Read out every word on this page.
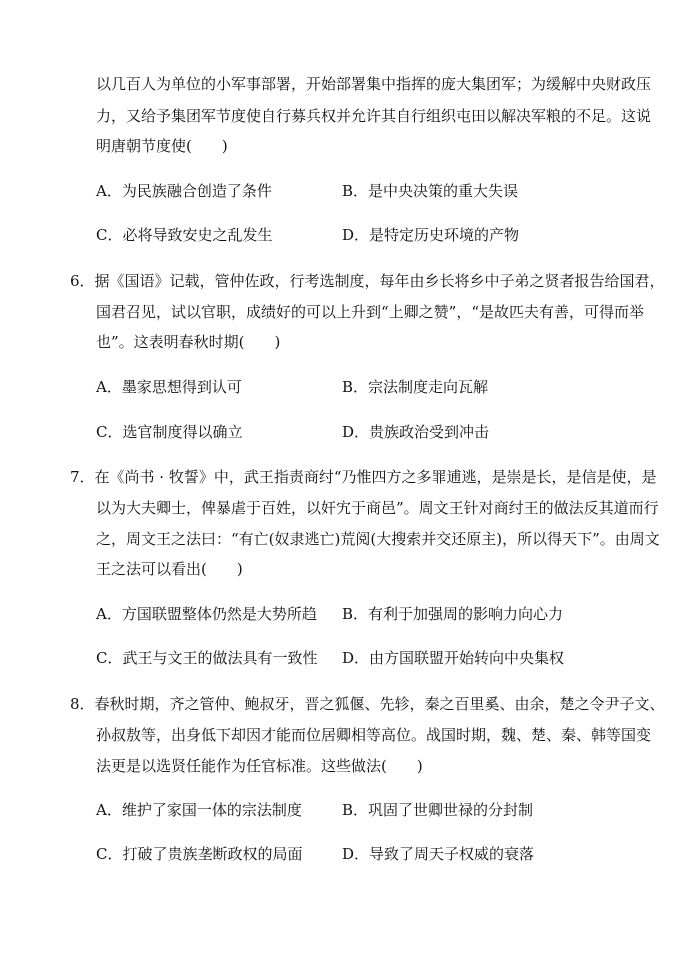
以几百人为单位的小军事部署，开始部署集中指挥的庞大集团军；为缓解中央财政压
力，又给予集团军节度使自行募兵权并允许其自行组织屯田以解决军粮的不足。这说
明唐朝节度使(　　)
A．为民族融合创造了条件	B．是中央决策的重大失误
C．必将导致安史之乱发生	D．是特定历史环境的产物
6．据《国语》记载，管仲佐政，行考选制度，每年由乡长将乡中子弟之贤者报告给国君，
国君召见，试以官职，成绩好的可以上升到“上卿之赞”，“是故匹夫有善，可得而举
也”。这表明春秋时期(　　)
A．墨家思想得到认可	B．宗法制度走向瓦解
C．选官制度得以确立	D．贵族政治受到冲击
7．在《尚书 · 牧誓》中，武王指责商纣“乃惟四方之多罪逋逃，是崇是长，是信是使，是
以为大夫卿士，俾暴虐于百姓，以奸宄于商邑”。周文王针对商纣王的做法反其道而行
之，周文王之法曰：“有亡(奴隶逃亡)荒阅(大搜索并交还原主)，所以得天下”。由周文
王之法可以看出(　　)
A．方国联盟整体仍然是大势所趋 B．有利于加强周的影响力向心力
C．武王与文王的做法具有一致性 D．由方国联盟开始转向中央集权
8．春秋时期，齐之管仲、鲍叔牙，晋之狐偃、先轸，秦之百里奚、由余，楚之令尹子文、
孙叔敖等，出身低下却因才能而位居卿相等高位。战国时期，魏、楚、秦、韩等国变
法更是以选贤任能作为任官标准。这些做法(　　)
A．维护了家国一体的宗法制度	B．巩固了世卿世禄的分封制
C．打破了贵族垄断政权的局面	D．导致了周天子权威的衰落
